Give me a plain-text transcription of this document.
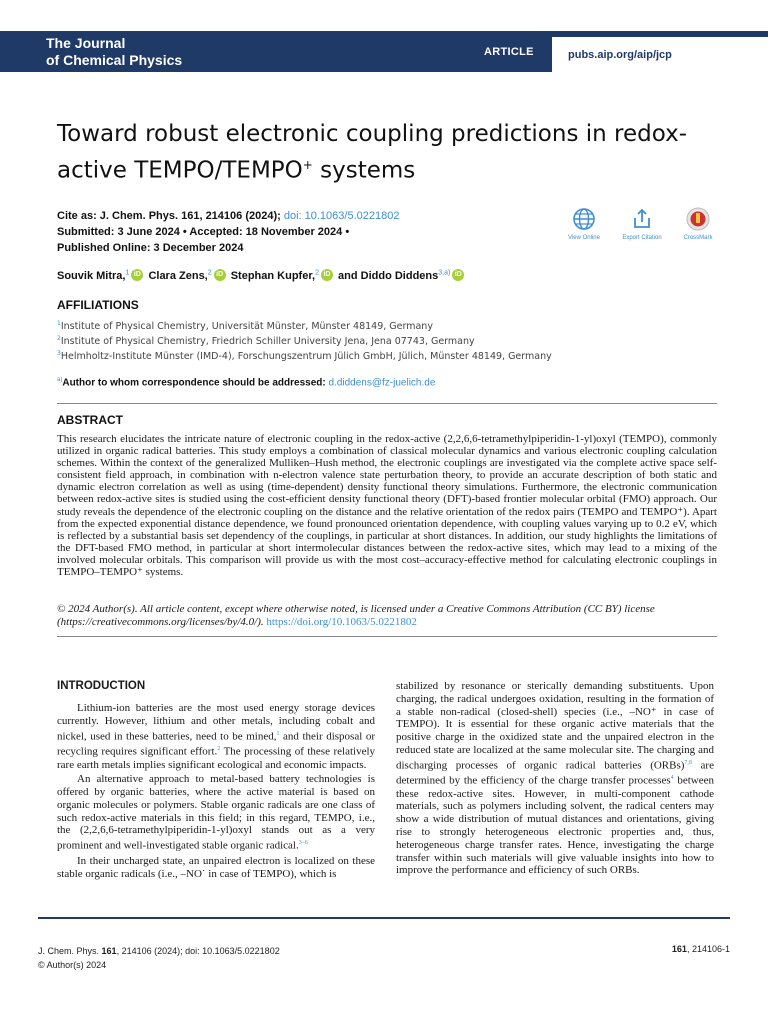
The Journal
of Chemical Physics	ARTICLE	pubs.aip.org/aip/jcp
Toward robust electronic coupling predictions in redox-active TEMPO/TEMPO+ systems
Cite as: J. Chem. Phys. 161, 214106 (2024); doi: 10.1063/5.0221802
Submitted: 3 June 2024 • Accepted: 18 November 2024 •
Published Online: 3 December 2024
View Online	Export Citation	CrossMark
Souvik Mitra,$^1$ iD Clara Zens,$^2$ iD Stephan Kupfer,$^2$ iD and Diddo Diddens$^{3,a)}$ iD
AFFILIATIONS
$^1$Institute of Physical Chemistry, Universität Münster, Münster 48149, Germany
$^2$Institute of Physical Chemistry, Friedrich Schiller University Jena, Jena 07743, Germany
$^3$Helmholtz-Institute Münster (IMD-4), Forschungszentrum Jülich GmbH, Jülich, Münster 48149, Germany
$^{a)}$Author to whom correspondence should be addressed: d.diddens@fz-juelich.de
ABSTRACT
This research elucidates the intricate nature of electronic coupling in the redox-active (2,2,6,6-tetramethylpiperidin-1-yl)oxyl (TEMPO), commonly utilized in organic radical batteries. This study employs a combination of classical molecular dynamics and various electronic coupling calculation schemes. Within the context of the generalized Mulliken–Hush method, the electronic couplings are investigated via the complete active space self-consistent field approach, in combination with n-electron valence state perturbation theory, to provide an accurate description of both static and dynamic electron correlation as well as using (time-dependent) density functional theory simulations. Furthermore, the electronic communication between redox-active sites is studied using the cost-efficient density functional theory (DFT)-based frontier molecular orbital (FMO) approach. Our study reveals the dependence of the electronic coupling on the distance and the relative orientation of the redox pairs (TEMPO and TEMPO⁺). Apart from the expected exponential distance dependence, we found pronounced orientation dependence, with coupling values varying up to 0.2 eV, which is reflected by a substantial basis set dependency of the couplings, in particular at short distances. In addition, our study highlights the limitations of the DFT-based FMO method, in particular at short intermolecular distances between the redox-active sites, which may lead to a mixing of the involved molecular orbitals. This comparison will provide us with the most cost–accuracy-effective method for calculating electronic couplings in TEMPO–TEMPO⁺ systems.
© 2024 Author(s). All article content, except where otherwise noted, is licensed under a Creative Commons Attribution (CC BY) license (https://creativecommons.org/licenses/by/4.0/). https://doi.org/10.1063/5.0221802
INTRODUCTION

Lithium-ion batteries are the most used energy storage devices currently. However, lithium and other metals, including cobalt and nickel, used in these batteries, need to be mined,$^1$ and their disposal or recycling requires significant effort.$^2$ The processing of these relatively rare earth metals implies significant ecological and economic impacts.

An alternative approach to metal-based battery technologies is offered by organic batteries, where the active material is based on organic molecules or polymers. Stable organic radicals are one class of such redox-active materials in this field; in this regard, TEMPO, i.e., the (2,2,6,6-tetramethylpiperidin-1-yl)oxyl stands out as a very prominent and well-investigated stable organic radical.$^{3-6}$

In their uncharged state, an unpaired electron is localized on these stable organic radicals (i.e., –NO˙ in case of TEMPO), which is

stabilized by resonance or sterically demanding substituents. Upon charging, the radical undergoes oxidation, resulting in the formation of a stable non-radical (closed-shell) species (i.e., –NO⁺ in case of TEMPO). It is essential for these organic active materials that the positive charge in the oxidized state and the unpaired electron in the reduced state are localized at the same molecular site. The charging and discharging processes of organic radical batteries (ORBs)$^{7,8}$ are determined by the efficiency of the charge transfer processes$^4$ between these redox-active sites. However, in multi-component cathode materials, such as polymers including solvent, the radical centers may show a wide distribution of mutual distances and orientations, giving rise to strongly heterogeneous electronic properties and, thus, heterogeneous charge transfer rates. Hence, investigating the charge transfer within such materials will give valuable insights into how to improve the performance and efficiency of such ORBs.

J. Chem. Phys. 161, 214106 (2024); doi: 10.1063/5.0221802
© Author(s) 2024
161, 214106-1
